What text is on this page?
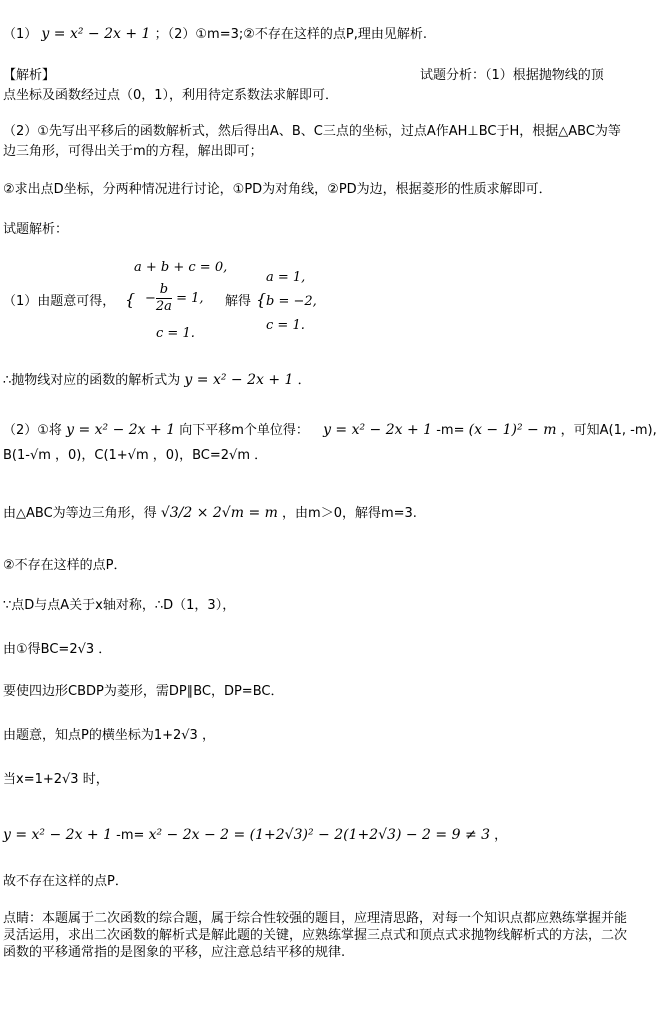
（1） y = x² − 2x + 1 ；（2）①m=3;②不存在这样的点P,理由见解析.
【解析】	试题分析：（1）根据抛物线的顶
点坐标及函数经过点（0，1），利用待定系数法求解即可．
（2）①先写出平移后的函数解析式，然后得出A、B、C三点的坐标，过点A作AH⊥BC于H，根据△ABC为等边三角形，可得出关于m的方程，解出即可；
②求出点D坐标，分两种情况进行讨论，①PD为对角线，②PD为边，根据菱形的性质求解即可．
试题解析：
（1）由题意可得， {
a + b + c = 0,
− $\frac{b}{2a} = 1$,
c = 1.
解得 {
a = 1,
b = −2,
c = 1.
∴抛物线对应的函数的解析式为 y = x² − 2x + 1 ．
（2）①将 y = x² − 2x + 1 向下平移m个单位得： y = x² − 2x + 1 -m= (x − 1)² − m ，可知A(1, -m),
B(1-√m ，0)，C(1+√m ，0)，BC=2√m ．
由△ABC为等边三角形，得 √3/2 × 2√m = m ，由m＞0，解得m=3.
②不存在这样的点P．
∵点D与点A关于x轴对称，∴D（1，3），
由①得BC=2√3 ．
要使四边形CBDP为菱形，需DP∥BC，DP=BC．
由题意，知点P的横坐标为1+2√3 ，
当x=1+2√3 时，
y = x² − 2x + 1 -m= x² − 2x − 2 = (1+2√3)² − 2(1+2√3) − 2 = 9 ≠ 3 ，
故不存在这样的点P．
点睛：本题属于二次函数的综合题，属于综合性较强的题目，应理清思路，对每一个知识点都应熟练掌握并能灵活运用，求出二次函数的解析式是解此题的关键，应熟练掌握三点式和顶点式求抛物线解析式的方法，二次函数的平移通常指的是图象的平移，应注意总结平移的规律.
